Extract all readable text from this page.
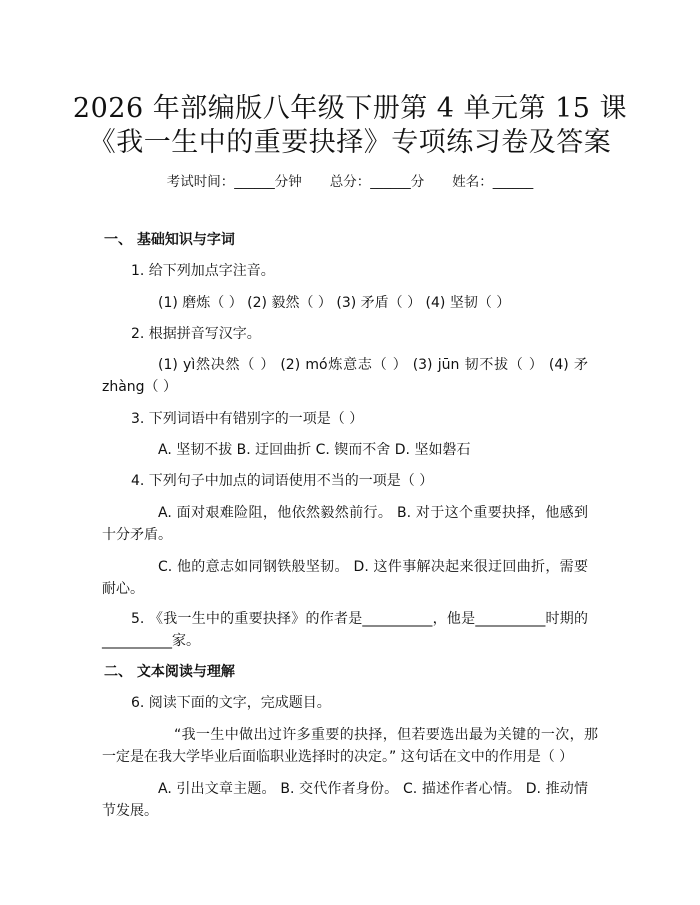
2026 年部编版八年级下册第 4 单元第 15 课
《我一生中的重要抉择》专项练习卷及答案
考试时间：______分钟 总分：______分 姓名：______
一、 基础知识与字词
1. 给下列加点字注音。
(1) 磨炼（ ） (2) 毅然（ ） (3) 矛盾（ ） (4) 坚韧（ ）
2. 根据拼音写汉字。
(1) yì然决然（ ） (2) mó炼意志（ ） (3) jūn 韧不拔（ ） (4) 矛zhàng（ ）
3. 下列词语中有错别字的一项是（ ）
A. 坚韧不拔 B. 迂回曲折 C. 锲而不舍 D. 坚如磐石
4. 下列句子中加点的词语使用不当的一项是（ ）
A. 面对艰难险阻，他依然毅然前行。 B. 对于这个重要抉择，他感到十分矛盾。
C. 他的意志如同钢铁般坚韧。 D. 这件事解决起来很迂回曲折，需要耐心。
5. 《我一生中的重要抉择》的作者是__________，他是__________时期的__________家。
二、 文本阅读与理解
6. 阅读下面的文字，完成题目。
“我一生中做出过许多重要的抉择，但若要选出最为关键的一次，那一定是在我大学毕业后面临职业选择时的决定。” 这句话在文中的作用是（ ）
A. 引出文章主题。 B. 交代作者身份。 C. 描述作者心情。 D. 推动情节发展。
